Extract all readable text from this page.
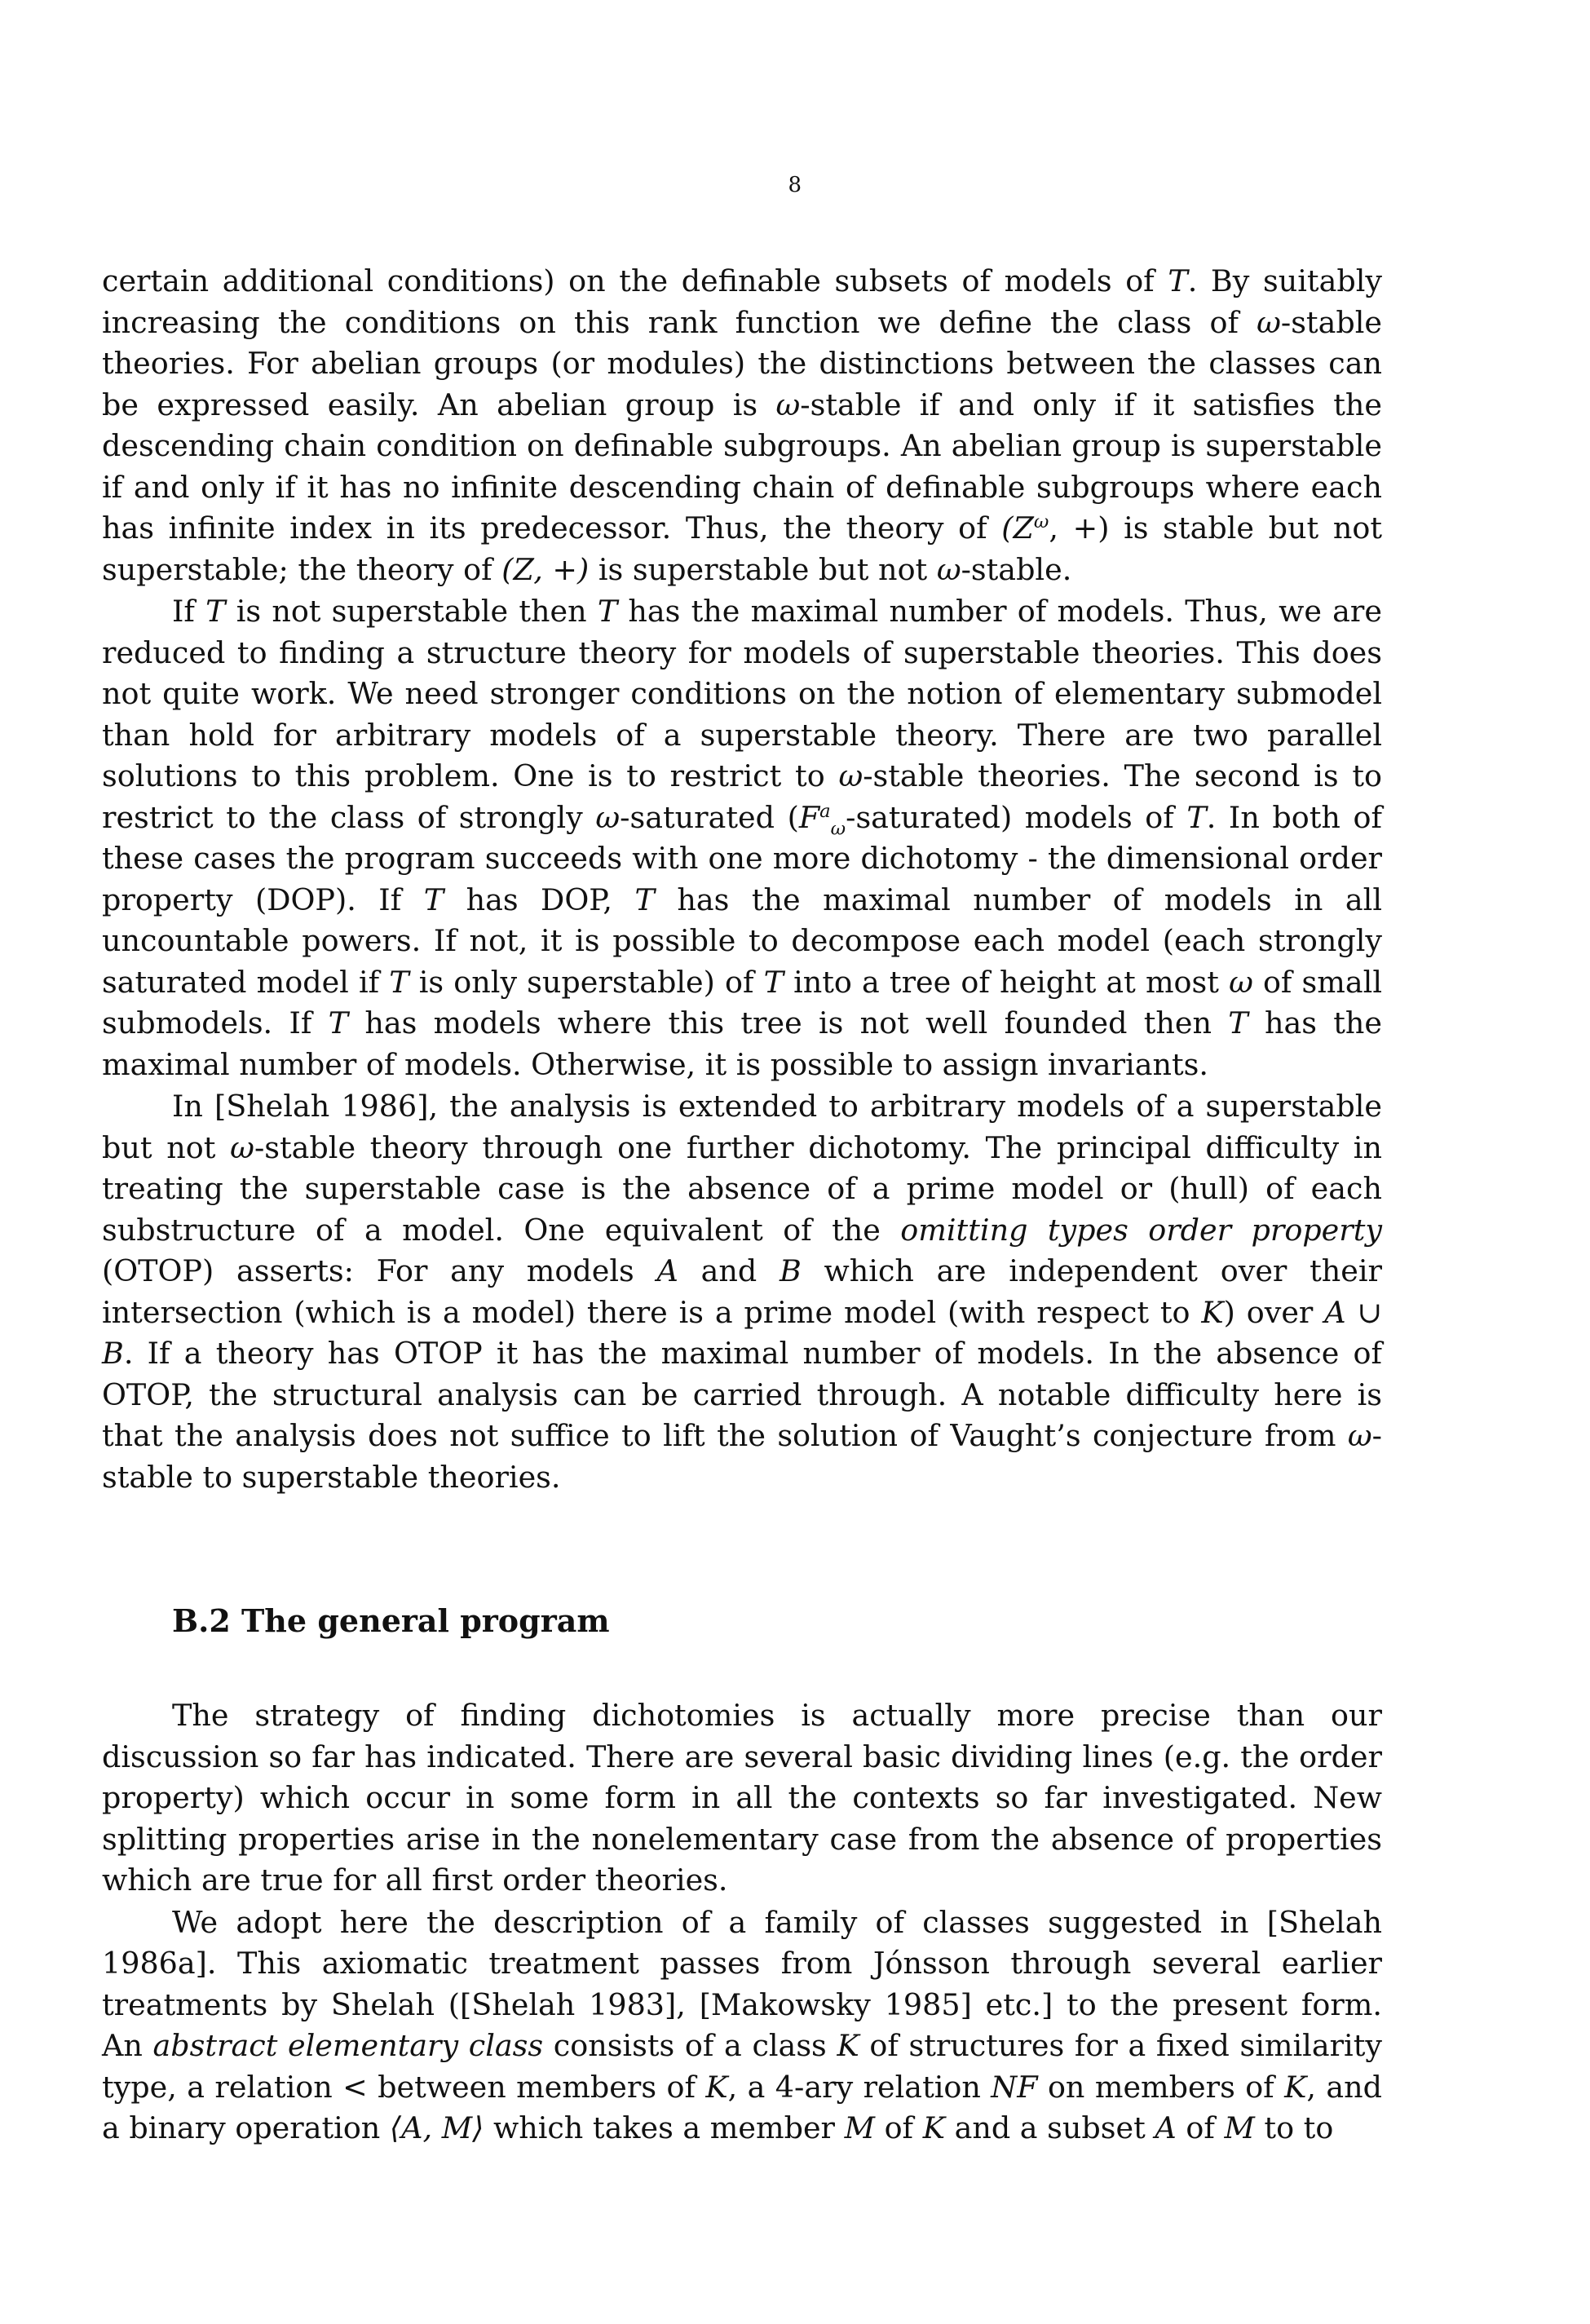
8

certain additional conditions) on the definable subsets of models of T. By suitably increasing the conditions on this rank function we define the class of ω-stable theories. For abelian groups (or modules) the distinctions between the classes can be expressed easily. An abelian group is ω-stable if and only if it satisfies the descending chain condition on definable subgroups. An abelian group is superstable if and only if it has no infinite descending chain of definable subgroups where each has infinite index in its predecessor. Thus, the theory of ($Z^\omega$, +) is stable but not superstable; the theory of (Z, +) is superstable but not ω-stable.

If T is not superstable then T has the maximal number of models. Thus, we are reduced to finding a structure theory for models of superstable theories. This does not quite work. We need stronger conditions on the notion of elementary submodel than hold for arbitrary models of a superstable theory. There are two parallel solutions to this problem. One is to restrict to ω-stable theories. The second is to restrict to the class of strongly ω-saturated $(F^a_\omega-saturated)$ models of T. In both of these cases the program succeeds with one more dichotomy - the dimensional order property (DOP). If T has DOP, T has the maximal number of models in all uncountable powers. If not, it is possible to decompose each model (each strongly saturated model if T is only superstable) of T into a tree of height at most ω of small submodels. If T has models where this tree is not well founded then T has the maximal number of models. Otherwise, it is possible to assign invariants.

In [Shelah 1986], the analysis is extended to arbitrary models of a superstable but not ω-stable theory through one further dichotomy. The principal difficulty in treating the superstable case is the absence of a prime model or (hull) of each substructure of a model. One equivalent of the omitting types order property (OTOP) asserts: For any models A and B which are independent over their intersection (which is a model) there is a prime model (with respect to K) over A ∪ B. If a theory has OTOP it has the maximal number of models. In the absence of OTOP, the structural analysis can be carried through. A notable difficulty here is that the analysis does not suffice to lift the solution of Vaught’s conjecture from ω-stable to superstable theories.

B.2 The general program

The strategy of finding dichotomies is actually more precise than our discussion so far has indicated. There are several basic dividing lines (e.g. the order property) which occur in some form in all the contexts so far investigated. New splitting properties arise in the nonelementary case from the absence of properties which are true for all first order theories.

We adopt here the description of a family of classes suggested in [Shelah 1986a]. This axiomatic treatment passes from Jónsson through several earlier treatments by Shelah ([Shelah 1983], [Makowsky 1985] etc.] to the present form. An abstract elementary class consists of a class K of structures for a fixed similarity type, a relation < between members of K, a 4-ary relation NF on members of K, and a binary operation ⟨A, M⟩ which takes a member M of K and a subset A of M to to
